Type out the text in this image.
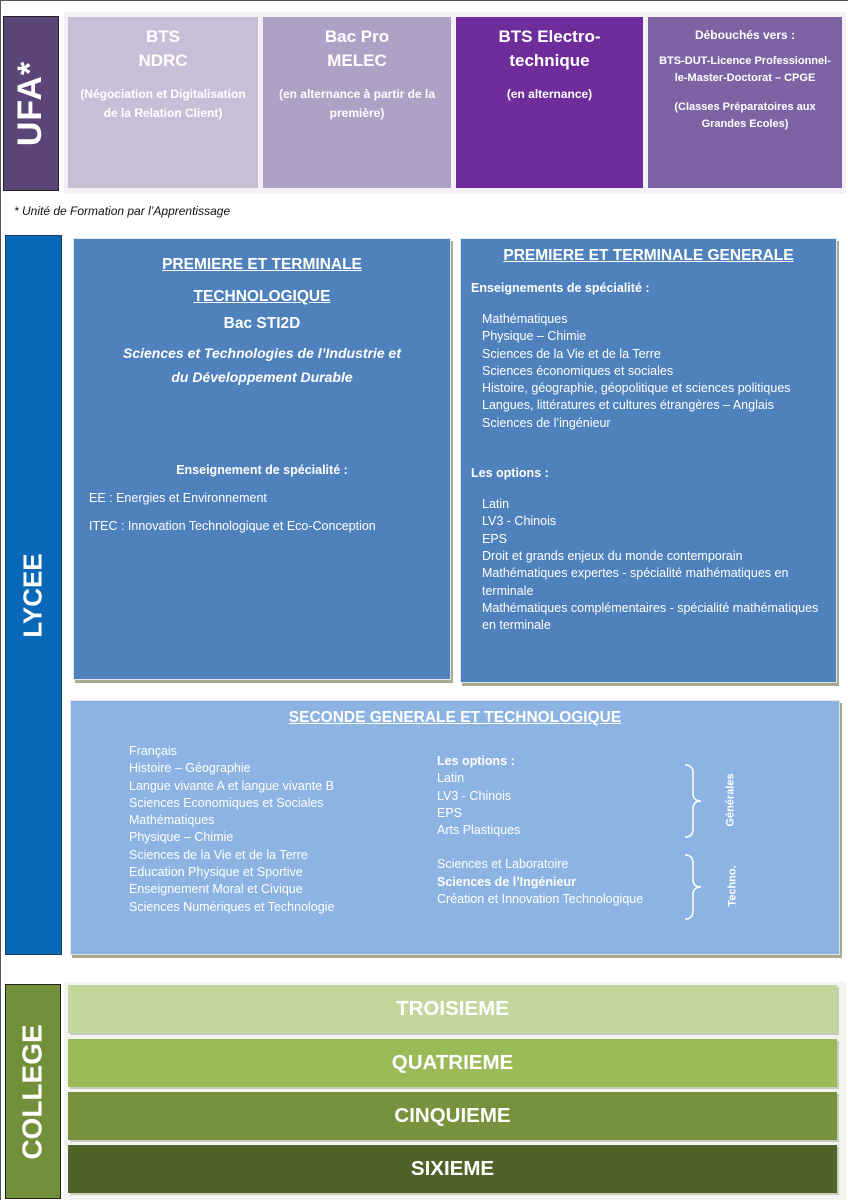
UFA*
BTS
NDRC
(Négociation et Digitalisation de la Relation Client)
Bac Pro
MELEC
(en alternance à partir de la première)
BTS Electro-
technique
(en alternance)
Débouchés vers :
BTS-DUT-Licence Professionnel-le-Master-Doctorat – CPGE
(Classes Préparatoires aux Grandes Ecoles)
* Unité de Formation par l’Apprentissage
LYCEE
PREMIERE ET TERMINALE
TECHNOLOGIQUE
Bac STI2D
Sciences et Technologies de l’Industrie et du Développement Durable
Enseignement de spécialité :
EE : Energies et Environnement
ITEC : Innovation Technologique et Eco-Conception
PREMIERE ET TERMINALE GENERALE
Enseignements de spécialité :
Mathématiques
Physique – Chimie
Sciences de la Vie et de la Terre
Sciences économiques et sociales
Histoire, géographie, géopolitique et sciences politiques
Langues, littératures et cultures étrangères – Anglais
Sciences de l’ingénieur
Les options :
Latin
LV3 - Chinois
EPS
Droit et grands enjeux du monde contemporain
Mathématiques expertes - spécialité mathématiques en terminale
Mathématiques complémentaires - spécialité mathématiques en terminale
SECONDE GENERALE ET TECHNOLOGIQUE
Français
Histoire – Géographie
Langue vivante A et langue vivante B
Sciences Economiques et Sociales
Mathématiques
Physique – Chimie
Sciences de la Vie et de la Terre
Education Physique et Sportive
Enseignement Moral et Civique
Sciences Numériques et Technologie
Les options :
Latin
LV3 - Chinois
EPS
Arts Plastiques
Sciences et Laboratoire
Sciences de l’Ingénieur
Création et Innovation Technologique
Générales
Techno.
COLLEGE
TROISIEME
QUATRIEME
CINQUIEME
SIXIEME
